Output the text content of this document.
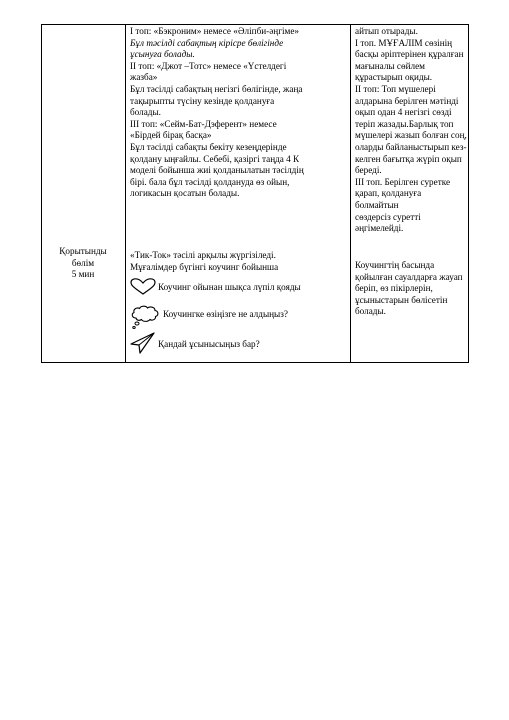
Қорытынды

бөлім

5 мин

І топ: «Бэкроним» немесе «Әліпби-әңгіме»

Бұл тәсілді сабақтың кірісpe бөлігінде

ұсынуға болады.

ІІ топ: «Джот –Тотс» немесе «Үстелдегі

жазба»

Бұл тәсілді сабақтың негізгі бөлігінде, жаңа

тақырыпты түсіну кезінде қолдануға

болады.

ІІІ топ: «Сейм-Бат-Дэферент» немесе

«Бірдей бірақ басқа»

Бұл тәсілді сабақты бекіту кезеңдерінде

қолдану ыңғайлы. Себебі, қазіргі таңда 4 К

моделі бойынша жиі қолданылатын тәсілдің

бірі. бала бұл тәсілді қолдануда өз ойын,

логикасын қосатын болады.

«Тик-Ток» тәсілі арқылы жүргізіледі.

Мұғалімдер бүгінгі коучинг бойынша

Коучинг ойынан шықса лүпіл қояды
Коучингке өзіңізге не алдыңыз?
Қандай ұсынысыңыз бар?

айтып отырады.

І топ. МҰҒАЛІМ сөзінің

басқы әріптерінен құралған

мағыналы сөйлем

құрастырып оқиды.

ІІ топ: Топ мүшелері

алдарына берілген мәтінді

оқып одан 4 негізгі сөзді

теріп жазады.Барлық топ

мүшелері жазып болған соң,

оларды байланыстырып кез-

келген бағытқа жүріп оқып

береді.

ІІІ топ. Берілген суретке

қарап, қолдануға болмайтын

сөздерсіз суретті әңгімелейді.

Коучингтің басында

қойылған сауалдарға жауап

беріп, өз пікірлерін,

ұсыныстарын бөлісетін

болады.
